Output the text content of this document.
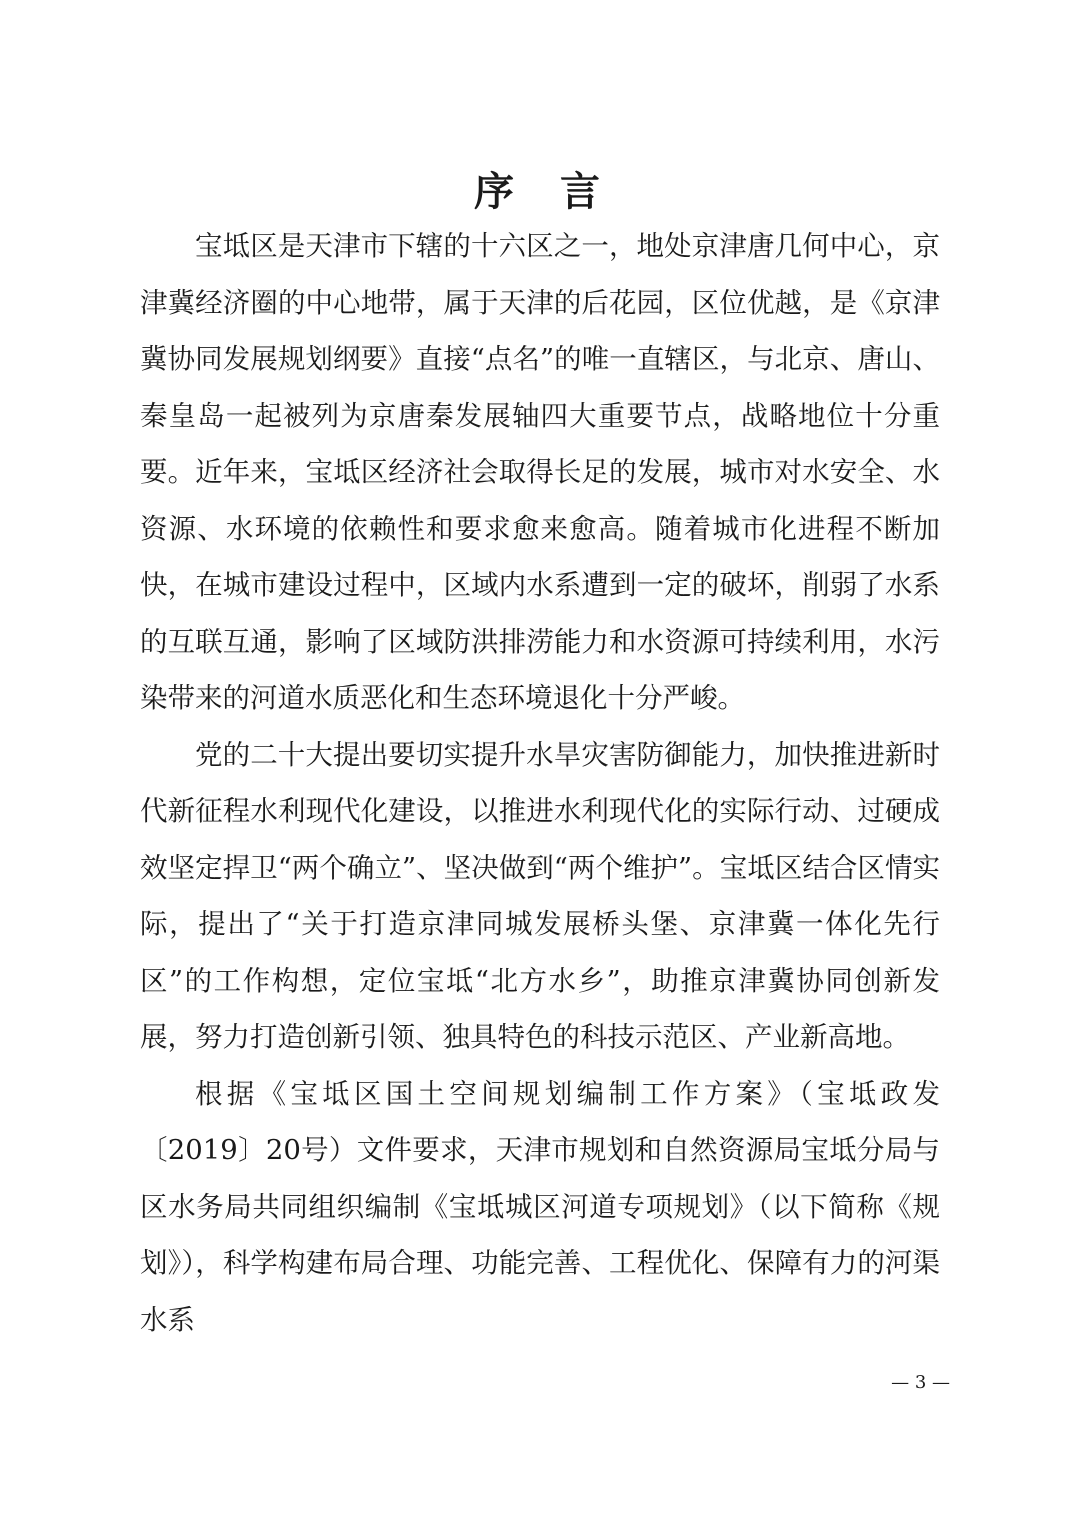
序言

宝坻区是天津市下辖的十六区之一，地处京津唐几何中心，京津冀经济圈的中心地带，属于天津的后花园，区位优越，是《京津冀协同发展规划纲要》直接“点名”的唯一直辖区，与北京、唐山、秦皇岛一起被列为京唐秦发展轴四大重要节点，战略地位十分重要。近年来，宝坻区经济社会取得长足的发展，城市对水安全、水资源、水环境的依赖性和要求愈来愈高。随着城市化进程不断加快，在城市建设过程中，区域内水系遭到一定的破坏，削弱了水系的互联互通，影响了区域防洪排涝能力和水资源可持续利用，水污染带来的河道水质恶化和生态环境退化十分严峻。

党的二十大提出要切实提升水旱灾害防御能力，加快推进新时代新征程水利现代化建设，以推进水利现代化的实际行动、过硬成效坚定捍卫“两个确立”、坚决做到“两个维护”。宝坻区结合区情实际，提出了“关于打造京津同城发展桥头堡、京津冀一体化先行区”的工作构想，定位宝坻“北方水乡”，助推京津冀协同创新发展，努力打造创新引领、独具特色的科技示范区、产业新高地。

根据《宝坻区国土空间规划编制工作方案》（宝坻政发〔2019〕20号）文件要求，天津市规划和自然资源局宝坻分局与区水务局共同组织编制《宝坻城区河道专项规划》（以下简称《规划》），科学构建布局合理、功能完善、工程优化、保障有力的河渠水系

— 3 —
